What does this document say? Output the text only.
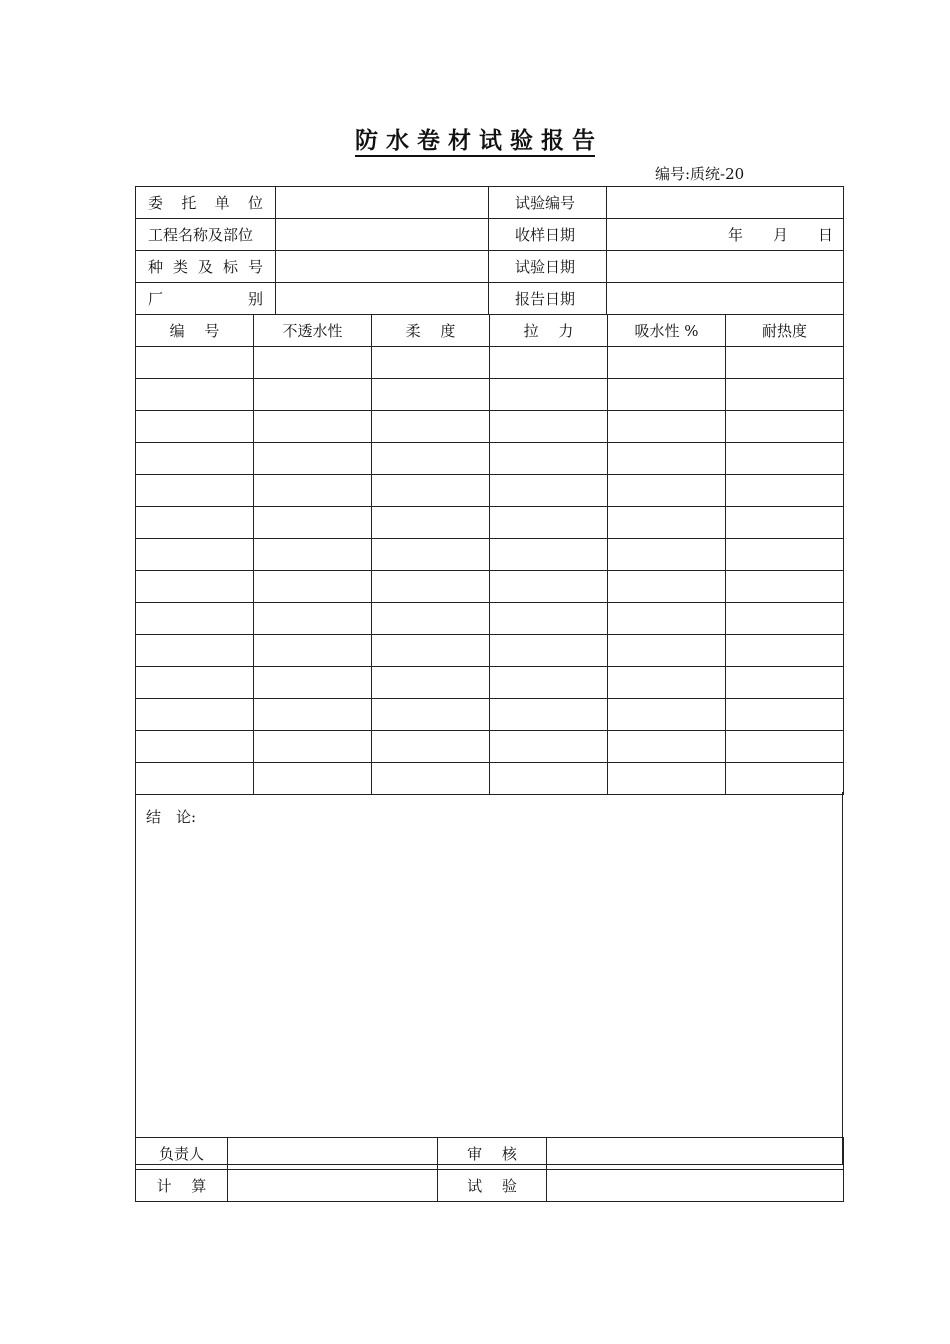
防 水 卷 材 试 验 报 告
编号:质统-20
委 托 单 位		试验编号	
工程名称及部位		收样日期	年　　月　　日

种 类 及 标 号		试验日期	

厂 别		报告日期	
编　 号	不透水性	柔　 度	拉　 力	吸水性 %	耐热度

结　论:
负责人		审　 核	
计　 算		试　 验	
